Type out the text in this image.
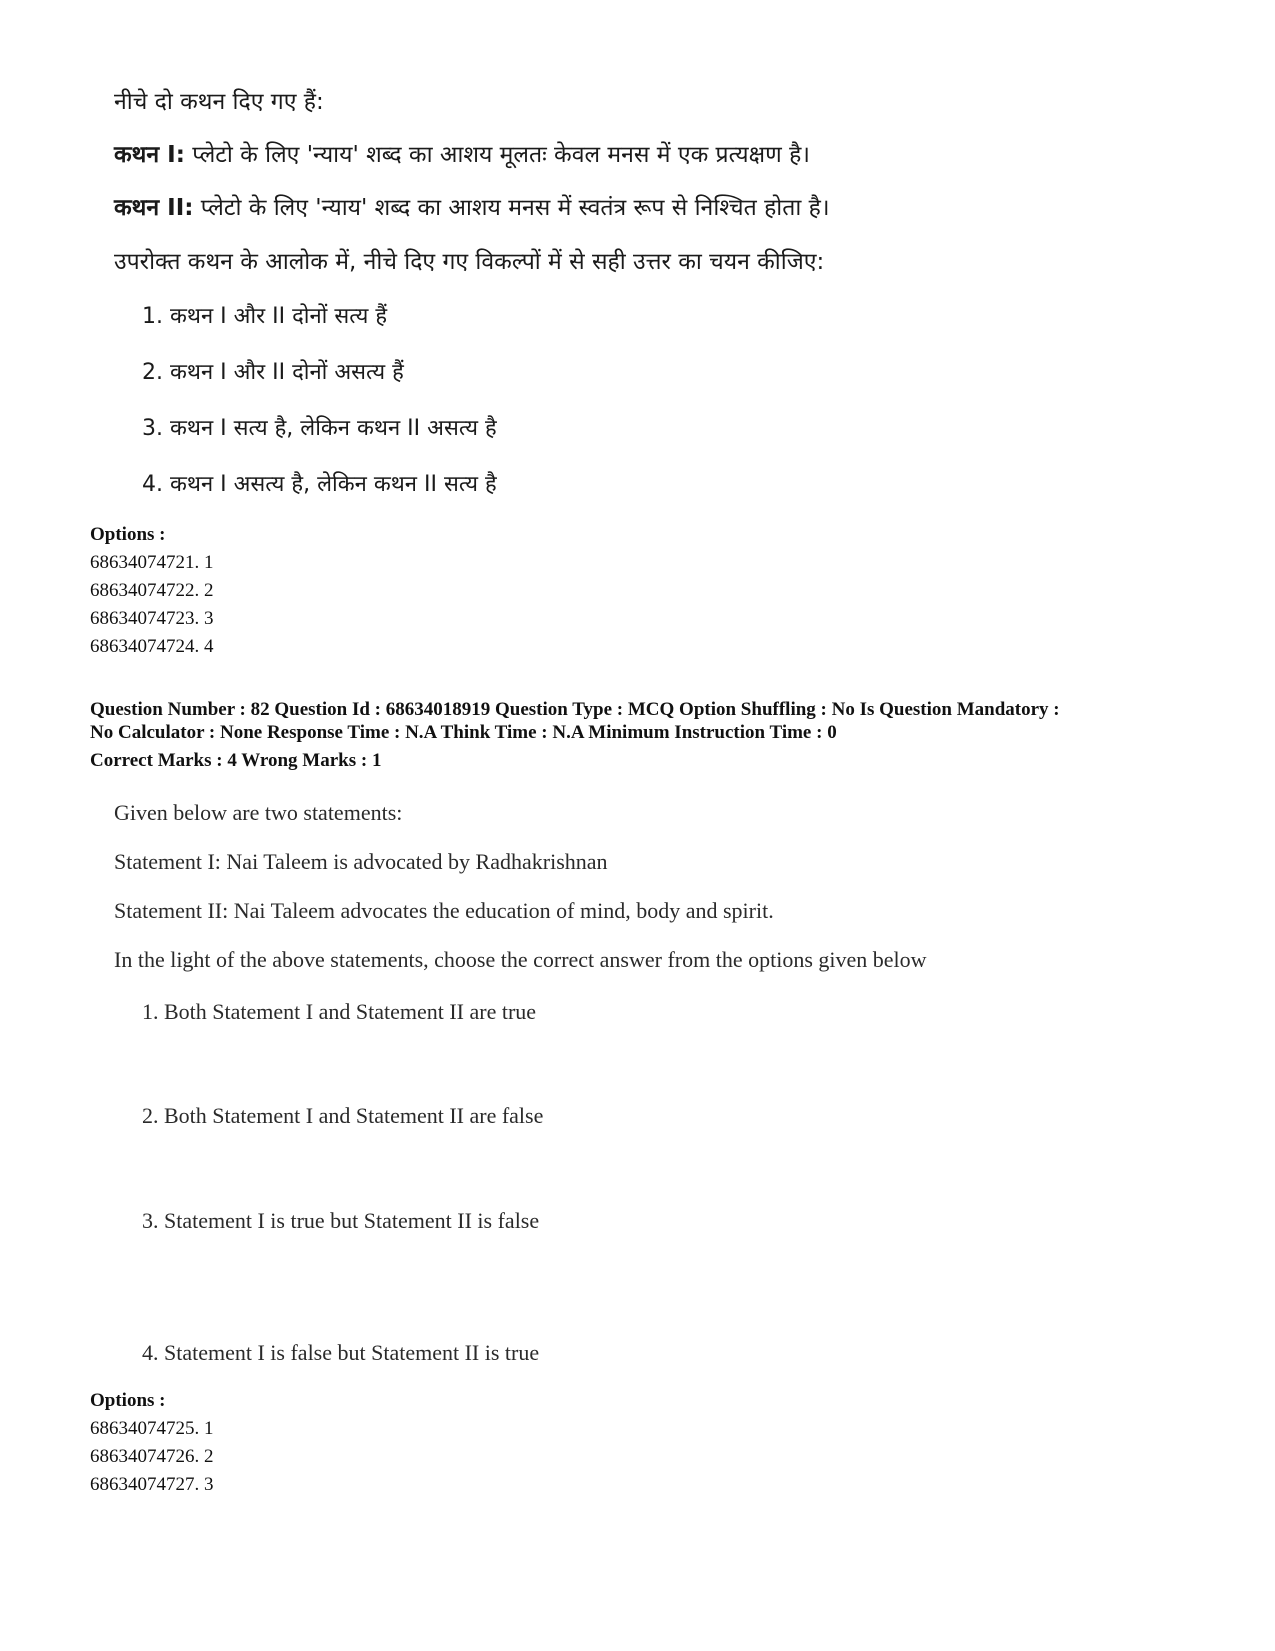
नीचे दो कथन दिए गए हैं:
कथन I: प्लेटो के लिए 'न्याय' शब्द का आशय मूलतः केवल मनस में एक प्रत्यक्षण है।
कथन II: प्लेटो के लिए 'न्याय' शब्द का आशय मनस में स्वतंत्र रूप से निश्चित होता है।
उपरोक्त कथन के आलोक में, नीचे दिए गए विकल्पों में से सही उत्तर का चयन कीजिए:
1. कथन I और II दोनों सत्य हैं
2. कथन I और II दोनों असत्य हैं
3. कथन I सत्य है, लेकिन कथन II असत्य है
4. कथन I असत्य है, लेकिन कथन II सत्य है
Options :
68634074721. 1
68634074722. 2
68634074723. 3
68634074724. 4
Question Number : 82 Question Id : 68634018919 Question Type : MCQ Option Shuffling : No Is Question Mandatory :
No Calculator : None Response Time : N.A Think Time : N.A Minimum Instruction Time : 0
Correct Marks : 4 Wrong Marks : 1
Given below are two statements:
Statement I: Nai Taleem is advocated by Radhakrishnan
Statement II: Nai Taleem advocates the education of mind, body and spirit.
In the light of the above statements, choose the correct answer from the options given below
1. Both Statement I and Statement II are true
2. Both Statement I and Statement II are false
3. Statement I is true but Statement II is false
4. Statement I is false but Statement II is true
Options :
68634074725. 1
68634074726. 2
68634074727. 3
